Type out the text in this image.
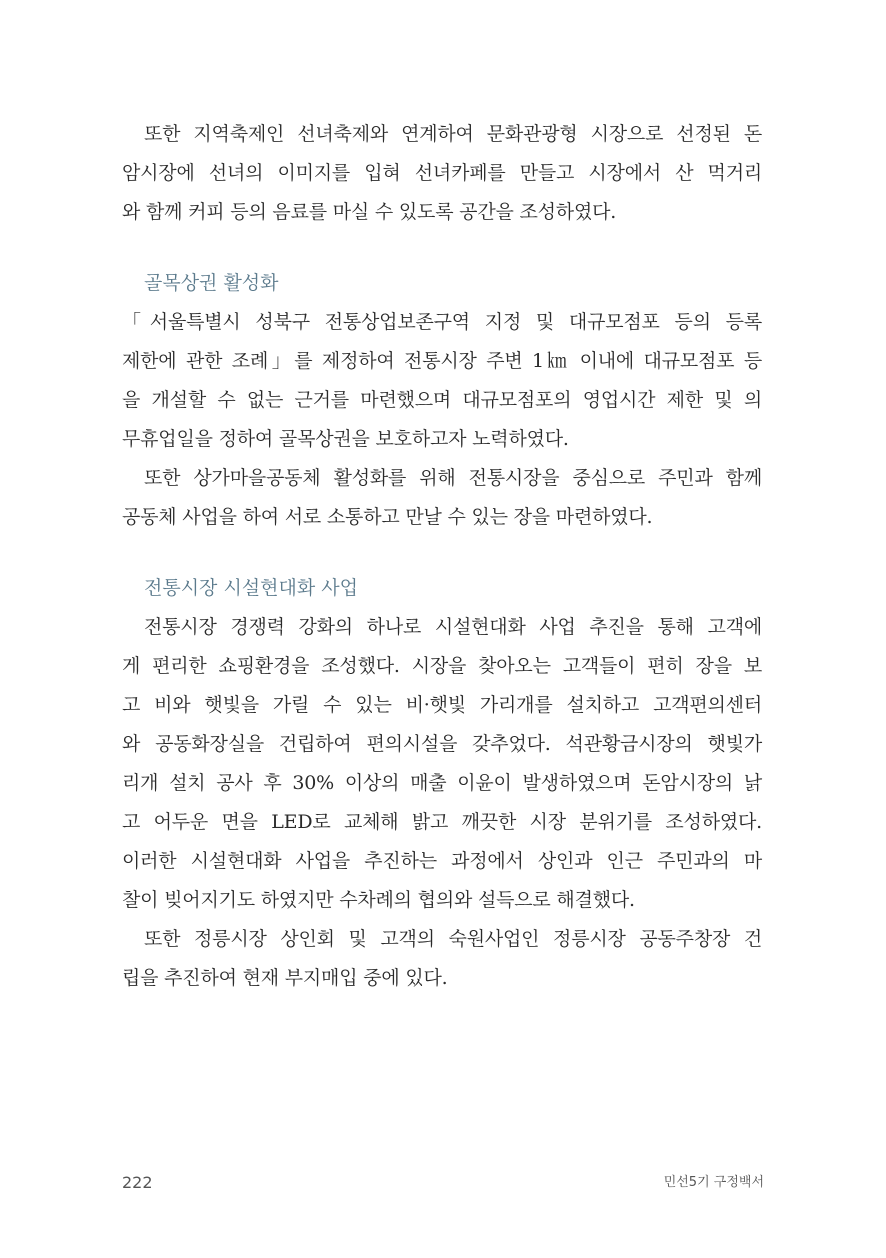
또한 지역축제인 선녀축제와 연계하여 문화관광형 시장으로 선정된 돈
암시장에 선녀의 이미지를 입혀 선녀카페를 만들고 시장에서 산 먹거리
와 함께 커피 등의 음료를 마실 수 있도록 공간을 조성하였다.
골목상권 활성화
「서울특별시 성북구 전통상업보존구역 지정 및 대규모점포 등의 등록
제한에 관한 조례」를 제정하여 전통시장 주변 1㎞ 이내에 대규모점포 등
을 개설할 수 없는 근거를 마련했으며 대규모점포의 영업시간 제한 및 의
무휴업일을 정하여 골목상권을 보호하고자 노력하였다.
또한 상가마을공동체 활성화를 위해 전통시장을 중심으로 주민과 함께
공동체 사업을 하여 서로 소통하고 만날 수 있는 장을 마련하였다.
전통시장 시설현대화 사업
전통시장 경쟁력 강화의 하나로 시설현대화 사업 추진을 통해 고객에
게 편리한 쇼핑환경을 조성했다. 시장을 찾아오는 고객들이 편히 장을 보
고 비와 햇빛을 가릴 수 있는 비·햇빛 가리개를 설치하고 고객편의센터
와 공동화장실을 건립하여 편의시설을 갖추었다. 석관황금시장의 햇빛가
리개 설치 공사 후 30% 이상의 매출 이윤이 발생하였으며 돈암시장의 낡
고 어두운 면을 LED로 교체해 밝고 깨끗한 시장 분위기를 조성하였다.
이러한 시설현대화 사업을 추진하는 과정에서 상인과 인근 주민과의 마
찰이 빚어지기도 하였지만 수차례의 협의와 설득으로 해결했다.
또한 정릉시장 상인회 및 고객의 숙원사업인 정릉시장 공동주창장 건
립을 추진하여 현재 부지매입 중에 있다.
222	민선5기 구정백서
